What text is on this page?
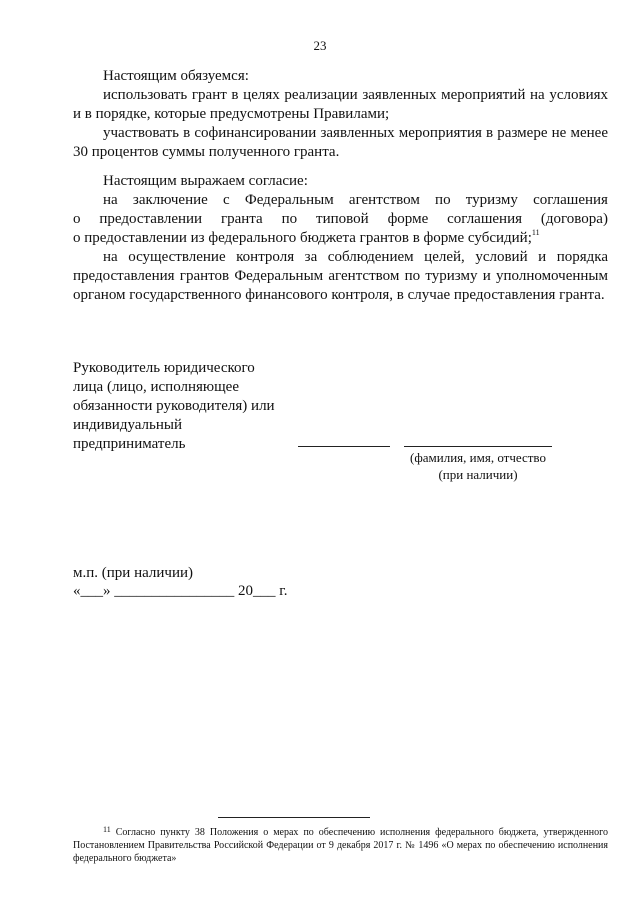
23
Настоящим обязуемся:
использовать грант в целях реализации заявленных мероприятий на условиях и в порядке, которые предусмотрены Правилами;
участвовать в софинансировании заявленных мероприятия в размере не менее 30 процентов суммы полученного гранта.
Настоящим выражаем согласие:
на заключение с Федеральным агентством по туризму соглашения
о предоставлении гранта по типовой форме соглашения (договора)
о предоставлении из федерального бюджета грантов в форме субсидий;$^{11}$
на осуществление контроля за соблюдением целей, условий и порядка предоставления грантов Федеральным агентством по туризму и уполномоченным органом государственного финансового контроля, в случае предоставления гранта.
Руководитель юридического
лица (лицо, исполняющее
обязанности руководителя) или
индивидуальный
предприниматель
(фамилия, имя, отчество
(при наличии)
м.п. (при наличии)
«___» ________________ 20___ г.
$^{11}$ Согласно пункту 38 Положения о мерах по обеспечению исполнения федерального бюджета, утвержденного Постановлением Правительства Российской Федерации от 9 декабря 2017 г. № 1496 «О мерах по обеспечению исполнения федерального бюджета»
